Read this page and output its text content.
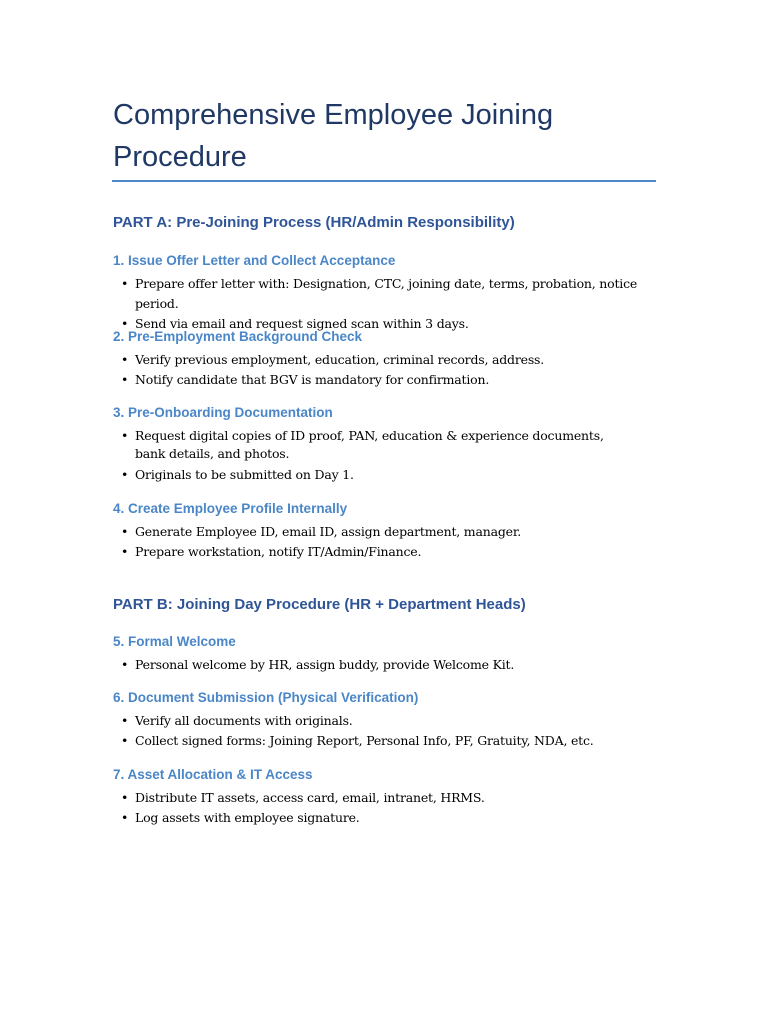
Comprehensive Employee Joining Procedure
PART A: Pre-Joining Process (HR/Admin Responsibility)
1. Issue Offer Letter and Collect Acceptance
• Prepare offer letter with: Designation, CTC, joining date, terms, probation, notice period.
• Send via email and request signed scan within 3 days.
2. Pre-Employment Background Check
• Verify previous employment, education, criminal records, address.
• Notify candidate that BGV is mandatory for confirmation.
3. Pre-Onboarding Documentation
• Request digital copies of ID proof, PAN, education & experience documents, bank details, and photos.
• Originals to be submitted on Day 1.
4. Create Employee Profile Internally
• Generate Employee ID, email ID, assign department, manager.
• Prepare workstation, notify IT/Admin/Finance.
PART B: Joining Day Procedure (HR + Department Heads)
5. Formal Welcome
• Personal welcome by HR, assign buddy, provide Welcome Kit.
6. Document Submission (Physical Verification)
• Verify all documents with originals.
• Collect signed forms: Joining Report, Personal Info, PF, Gratuity, NDA, etc.
7. Asset Allocation & IT Access
• Distribute IT assets, access card, email, intranet, HRMS.
• Log assets with employee signature.
